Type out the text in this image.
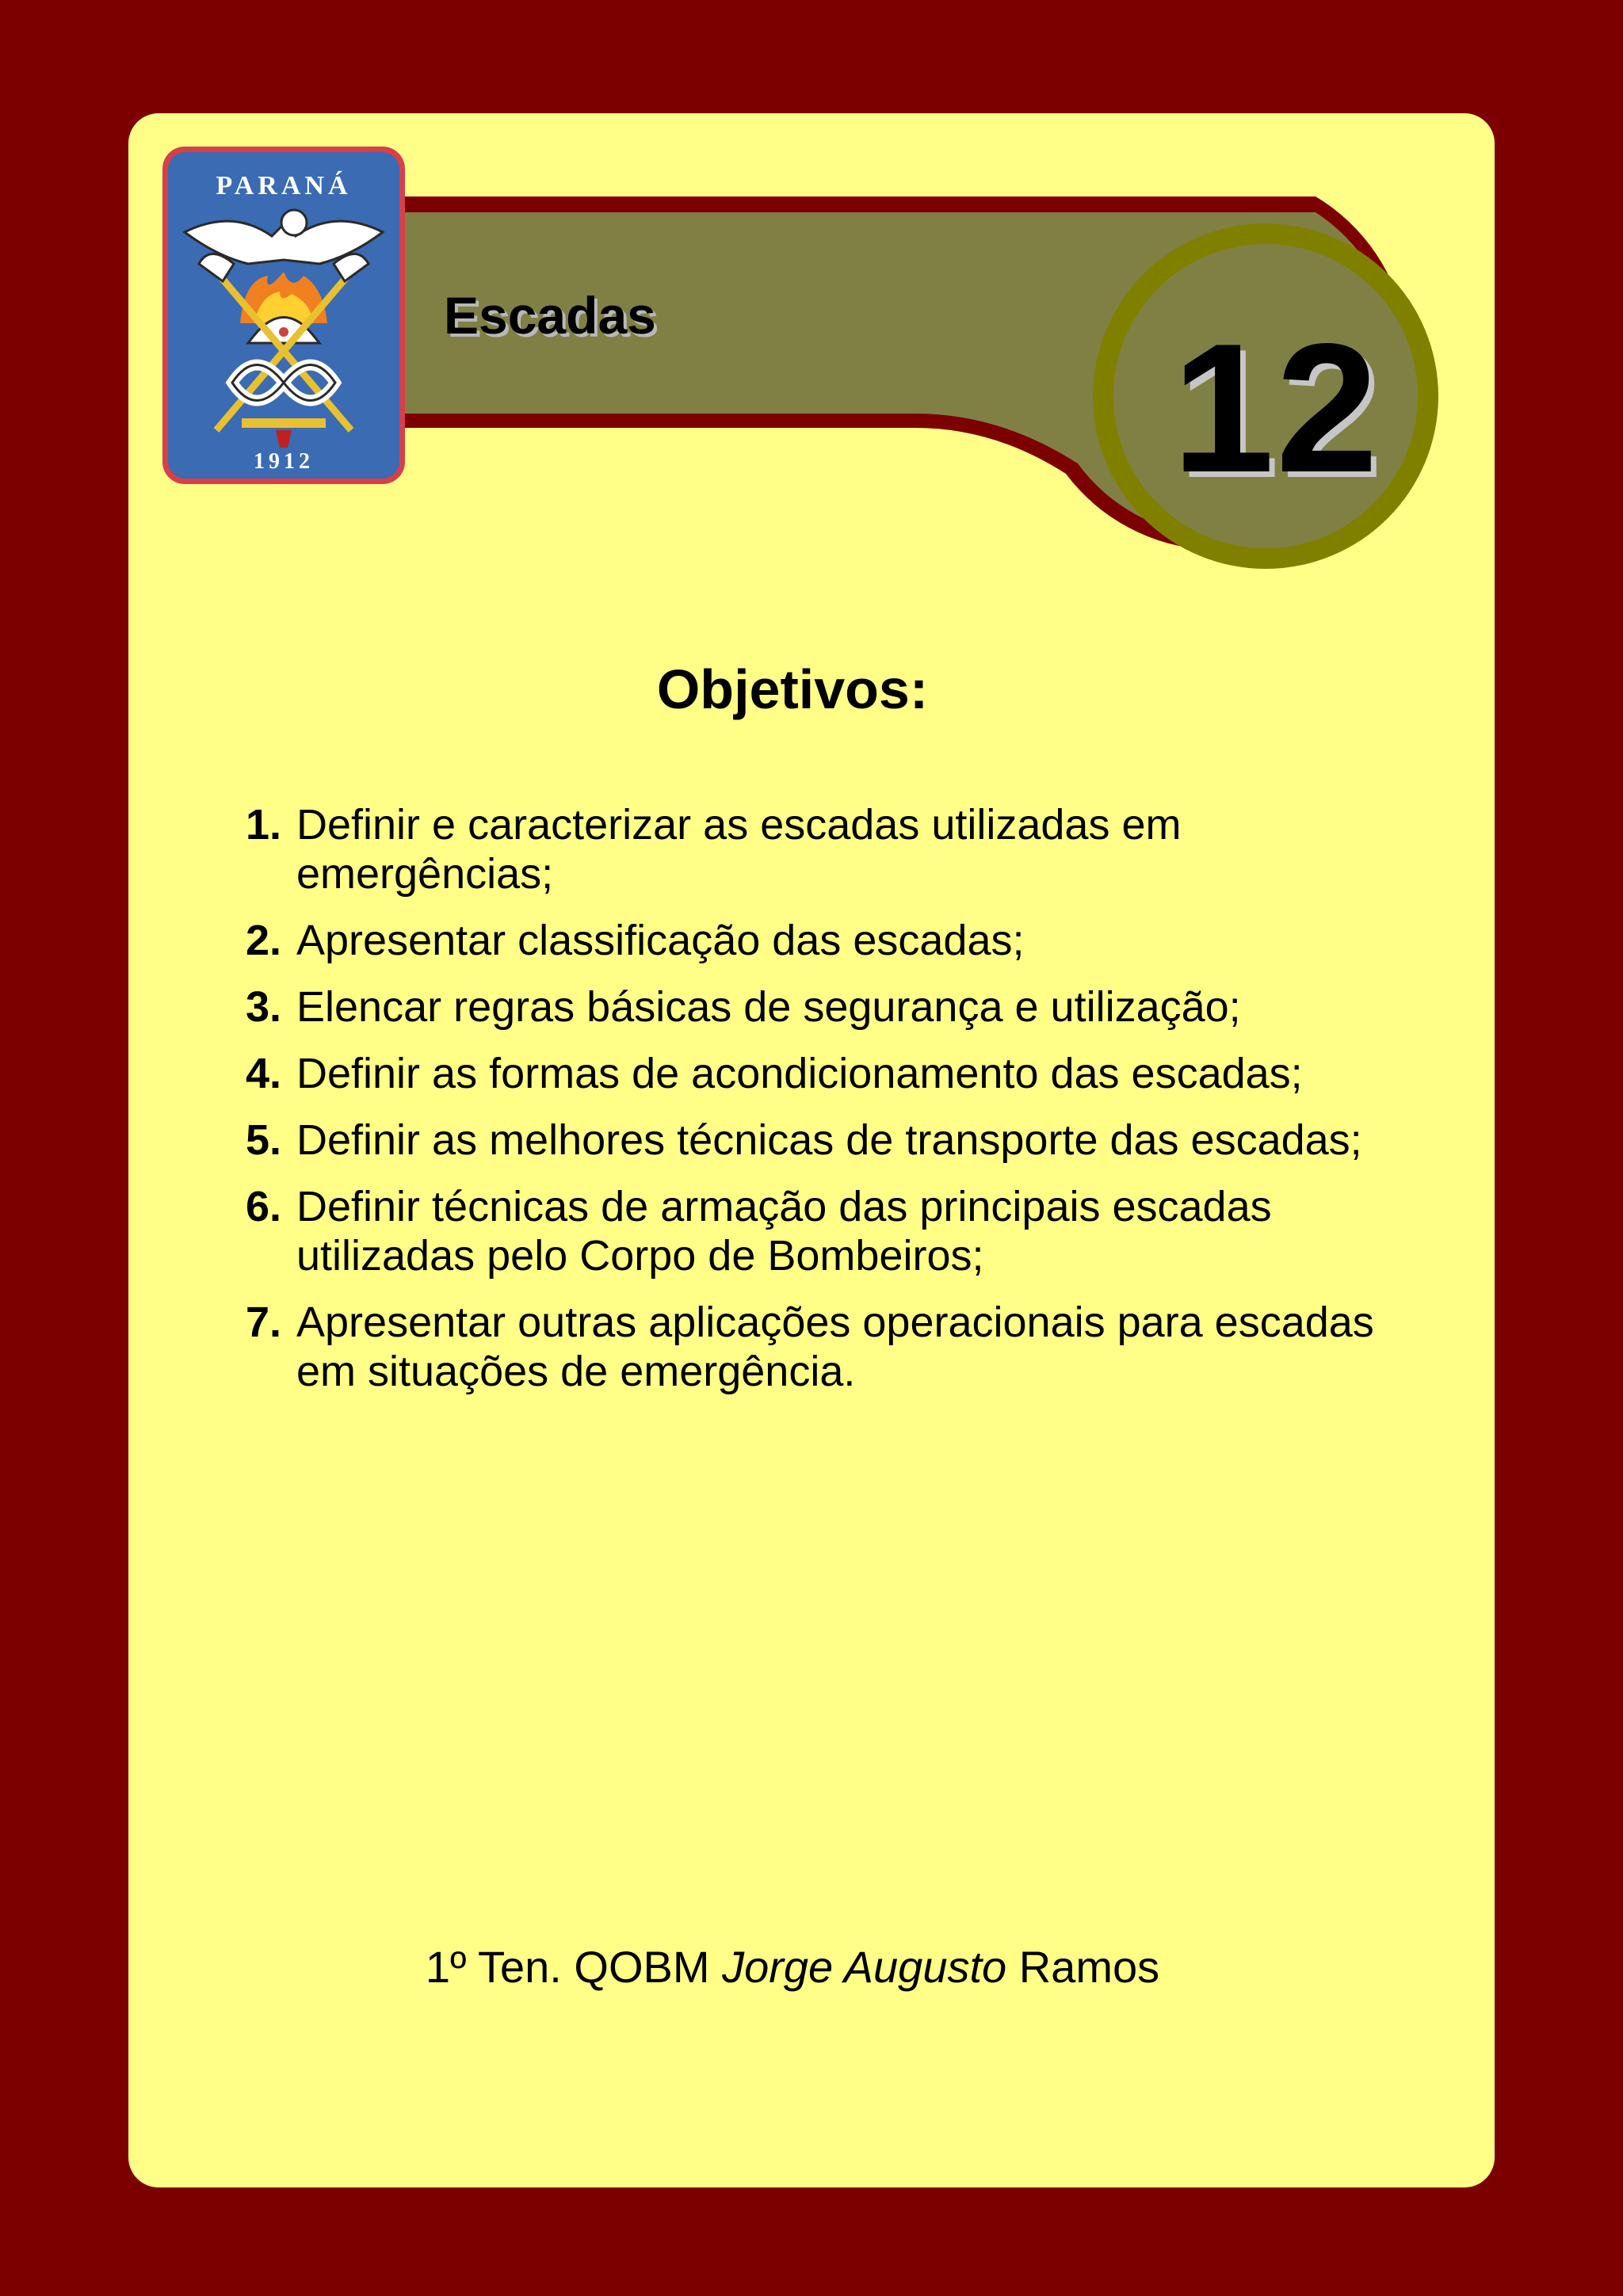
PARANÁ
1912
Escadas	12
Objetivos:
1. Definir e caracterizar as escadas utilizadas em emergências;
2. Apresentar classificação das escadas;
3. Elencar regras básicas de segurança e utilização;
4. Definir as formas de acondicionamento das escadas;
5. Definir as melhores técnicas de transporte das escadas;
6. Definir técnicas de armação das principais escadas utilizadas pelo Corpo de Bombeiros;
7. Apresentar outras aplicações operacionais para escadas em situações de emergência.
1º Ten. QOBM Jorge Augusto Ramos
